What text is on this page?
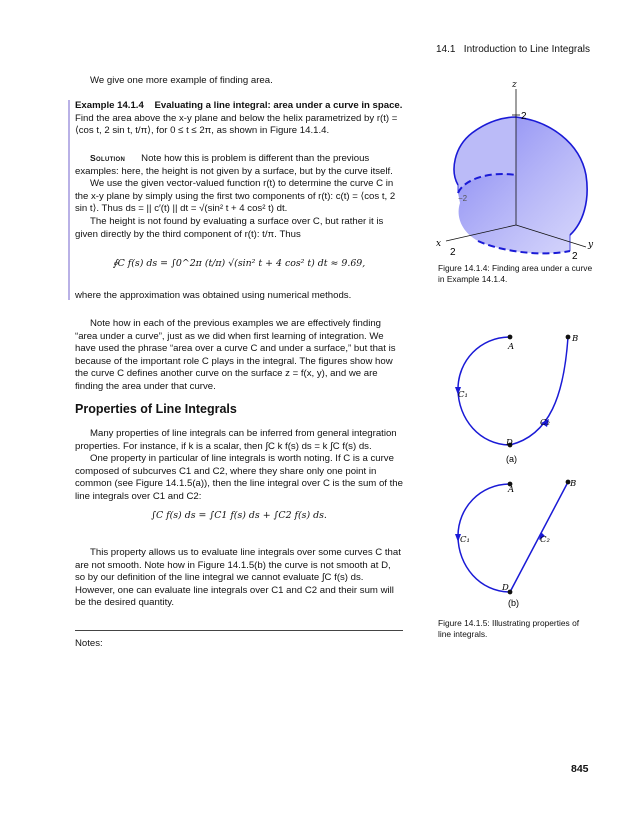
14.1 Introduction to Line Integrals

We give one more example of finding area.

Example 14.1.4 Evaluating a line integral: area under a curve in space.

Find the area above the x-y plane and below the helix parametrized by r(t) = ⟨cos t, 2 sin t, t/π⟩, for 0 ≤ t ≤ 2π, as shown in Figure 14.1.4.

Solution Note how this is problem is different than the previous examples: here, the height is not given by a surface, but by the curve itself.

We use the given vector-valued function r(t) to determine the curve C in the x-y plane by simply using the first two components of r(t): c(t) = ⟨cos t, 2 sin t⟩. Thus ds = || c′(t) || dt = √(sin² t + 4 cos² t) dt.

The height is not found by evaluating a surface over C, but rather it is given directly by the third component of r(t): t/π. Thus

∮C f(s) ds = ∫0^2π (t/π) √(sin² t + 4 cos² t) dt ≈ 9.69,

where the approximation was obtained using numerical methods.

Note how in each of the previous examples we are effectively finding “area under a curve”, just as we did when first learning of integration. We have used the phrase “area over a curve C and under a surface,” but that is because of the important role C plays in the integral. The figures show how the curve C defines another curve on the surface z = f(x, y), and we are finding the area under that curve.

Properties of Line Integrals

Many properties of line integrals can be inferred from general integration properties. For instance, if k is a scalar, then ∫C k f(s) ds = k ∫C f(s) ds.

One property in particular of line integrals is worth noting. If C is a curve composed of subcurves C1 and C2, where they share only one point in common (see Figure 14.1.5(a)), then the line integral over C is the sum of the line integrals over C1 and C2:

∫C f(s) ds = ∫C1 f(s) ds + ∫C2 f(s) ds.

This property allows us to evaluate line integrals over some curves C that are not smooth. Note how in Figure 14.1.5(b) the curve is not smooth at D, so by our definition of the line integral we cannot evaluate ∫C f(s) ds. However, one can evaluate line integrals over C1 and C2 and their sum will be the desired quantity.

Notes:

z
2
x
2
y
2
−2
Figure 14.1.4: Finding area under a curve in Example 14.1.4.
A
B
C₁
C₂
D
(a)
A
B
C₁	C₂
D
(b)
Figure 14.1.5: Illustrating properties of line integrals.
845
